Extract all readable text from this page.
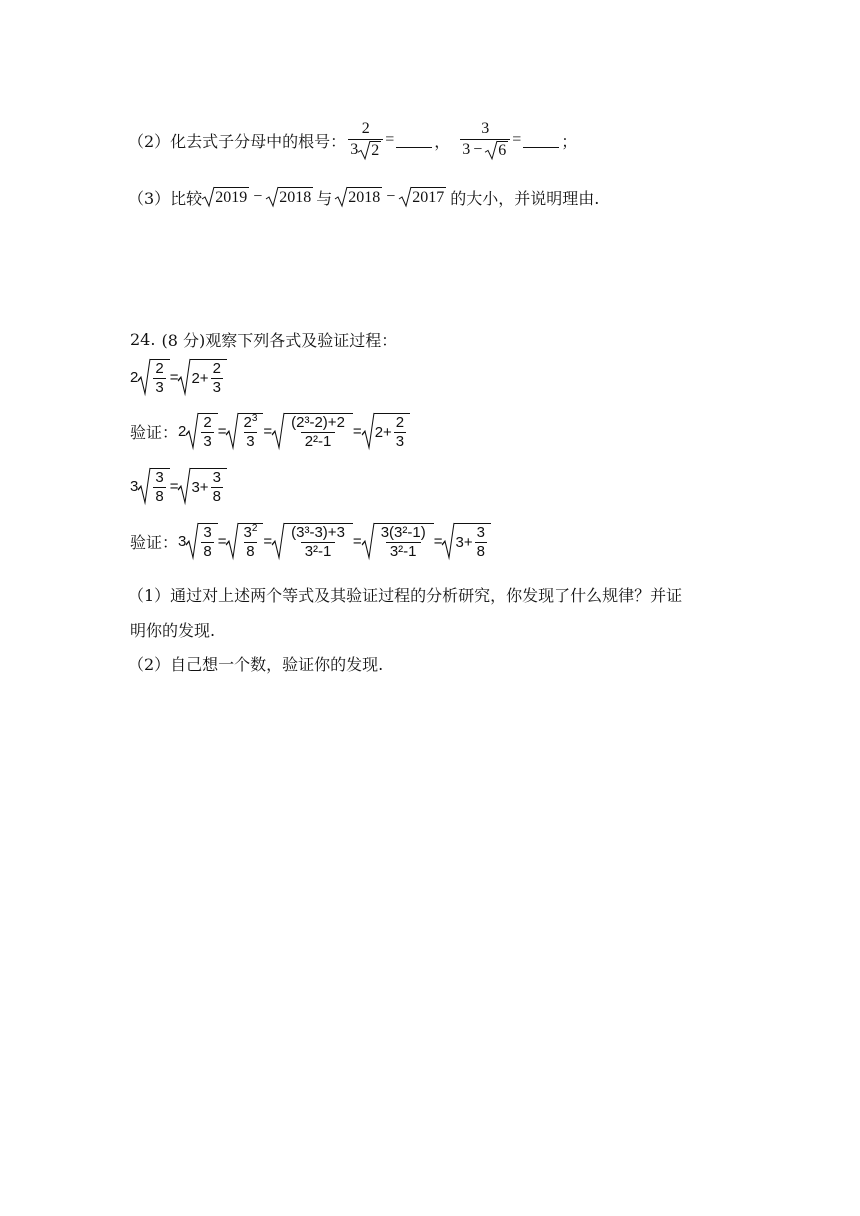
（2）化去式子分母中的根号： $\frac{2}{3 2}$ =	， $\frac{3}{3 - 6}$ =	；
（3）比较 2019 − 2018 与 2018 − 2017 的大小，并说明理由.
24. (8 分) 观察下列各式及验证过程：
$2 \frac{2}{3} = 2 + \frac{2}{3}$
验证： $2 \frac{2}{3} = \frac{2^3}{3} = \frac{\text{(2³-2)+2}}{\text{2²-1}} = 2 + \frac{2}{3}$
$3 \frac{3}{8} = 3 + \frac{3}{8}$
验证： $3 \frac{3}{8} = \frac{3^2}{8} = \frac{\text{(3³-3)+3}}{\text{3²-1}} = \frac{\text{3(3²-1)}}{\text{3²-1}} = 3 + \frac{3}{8}$
（1）通过对上述两个等式及其验证过程的分析研究，你发现了什么规律？并证
明你的发现.
（2）自己想一个数，验证你的发现.
